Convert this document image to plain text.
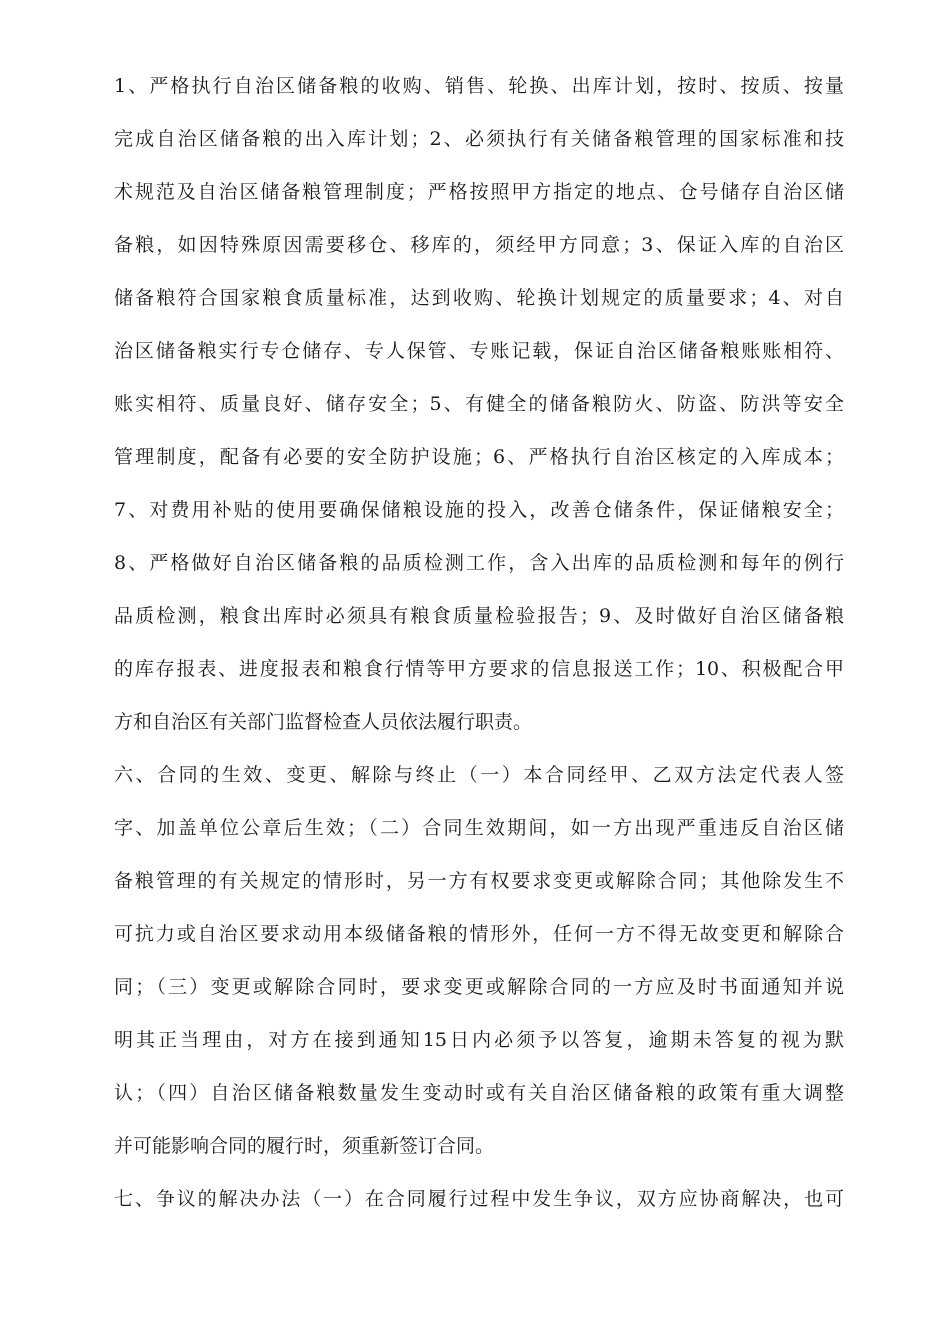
1、严格执行自治区储备粮的收购、销售、轮换、出库计划，按时、按质、按量
完成自治区储备粮的出入库计划；2、必须执行有关储备粮管理的国家标准和技
术规范及自治区储备粮管理制度；严格按照甲方指定的地点、仓号储存自治区储
备粮，如因特殊原因需要移仓、移库的，须经甲方同意；3、保证入库的自治区
储备粮符合国家粮食质量标准，达到收购、轮换计划规定的质量要求；4、对自
治区储备粮实行专仓储存、专人保管、专账记载，保证自治区储备粮账账相符、
账实相符、质量良好、储存安全；5、有健全的储备粮防火、防盗、防洪等安全
管理制度，配备有必要的安全防护设施；6、严格执行自治区核定的入库成本；
7、对费用补贴的使用要确保储粮设施的投入，改善仓储条件，保证储粮安全；
8、严格做好自治区储备粮的品质检测工作，含入出库的品质检测和每年的例行
品质检测，粮食出库时必须具有粮食质量检验报告；9、及时做好自治区储备粮
的库存报表、进度报表和粮食行情等甲方要求的信息报送工作；10、积极配合甲
方和自治区有关部门监督检查人员依法履行职责。
六、合同的生效、变更、解除与终止（一）本合同经甲、乙双方法定代表人签
字、加盖单位公章后生效；（二）合同生效期间，如一方出现严重违反自治区储
备粮管理的有关规定的情形时，另一方有权要求变更或解除合同；其他除发生不
可抗力或自治区要求动用本级储备粮的情形外，任何一方不得无故变更和解除合
同；（三）变更或解除合同时，要求变更或解除合同的一方应及时书面通知并说
明其正当理由，对方在接到通知15日内必须予以答复，逾期未答复的视为默
认；（四）自治区储备粮数量发生变动时或有关自治区储备粮的政策有重大调整
并可能影响合同的履行时，须重新签订合同。
七、争议的解决办法（一）在合同履行过程中发生争议，双方应协商解决，也可
